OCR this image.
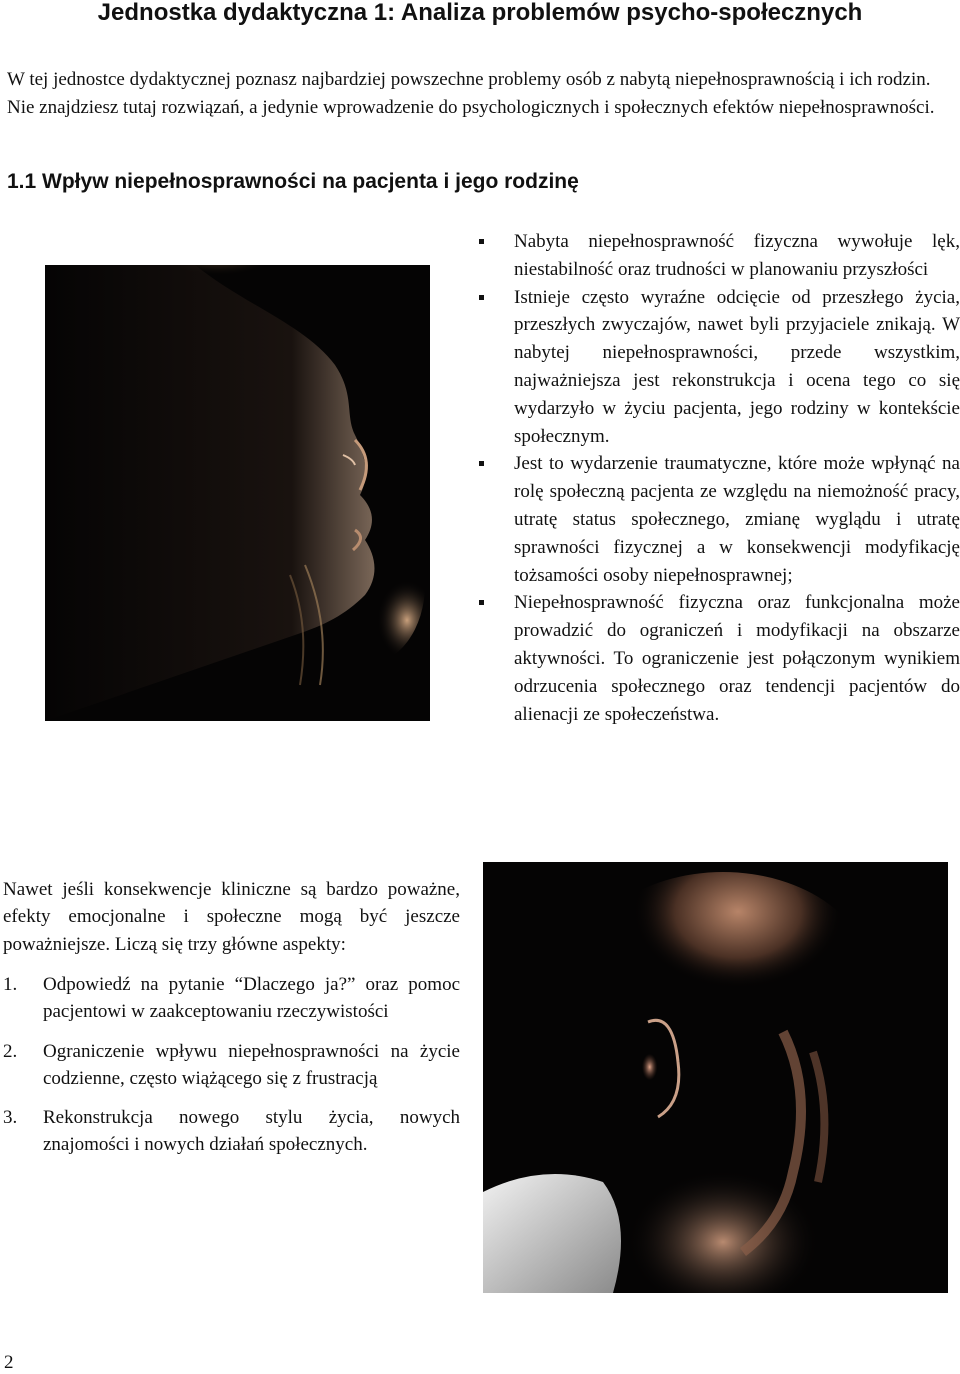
Jednostka dydaktyczna 1: Analiza problemów psycho-społecznych

W tej jednostce dydaktycznej poznasz najbardziej powszechne problemy osób z nabytą niepełnosprawnością i ich rodzin. Nie znajdziesz tutaj rozwiązań, a jedynie wprowadzenie do psychologicznych i społecznych efektów niepełnosprawności.

1.1 Wpływ niepełnosprawności na pacjenta i jego rodzinę
Nabyta niepełnosprawność fizyczna wywołuje lęk, niestabilność oraz trudności w planowaniu przyszłości
Istnieje często wyraźne odcięcie od przeszłego życia, przeszłych zwyczajów, nawet byli przyjaciele znikają. W nabytej niepełnosprawności, przede wszystkim, najważniejsza jest rekonstrukcja i ocena tego co się wydarzyło w życiu pacjenta, jego rodziny w kontekście społecznym.
Jest to wydarzenie traumatyczne, które może wpłynąć na rolę społeczną pacjenta ze względu na niemożność pracy, utratę status społecznego, zmianę wyglądu i utratę sprawności fizycznej a w konsekwencji modyfikację tożsamości osoby niepełnosprawnej;
Niepełnosprawność fizyczna oraz funkcjonalna może prowadzić do ograniczeń i modyfikacji na obszarze aktywności. To ograniczenie jest połączonym wynikiem odrzucenia społecznego oraz tendencji pacjentów do alienacji ze społeczeństwa.

Nawet jeśli konsekwencje kliniczne są bardzo poważne, efekty emocjonalne i społeczne mogą być jeszcze poważniejsze. Liczą się trzy główne aspekty:

1. Odpowiedź na pytanie “Dlaczego ja?” oraz pomoc pacjentowi w zaakceptowaniu rzeczywistości
2. Ograniczenie wpływu niepełnosprawności na życie codzienne, często wiążącego się z frustracją
3. Rekonstrukcja nowego stylu życia, nowych znajomości i nowych działań społecznych.
2
